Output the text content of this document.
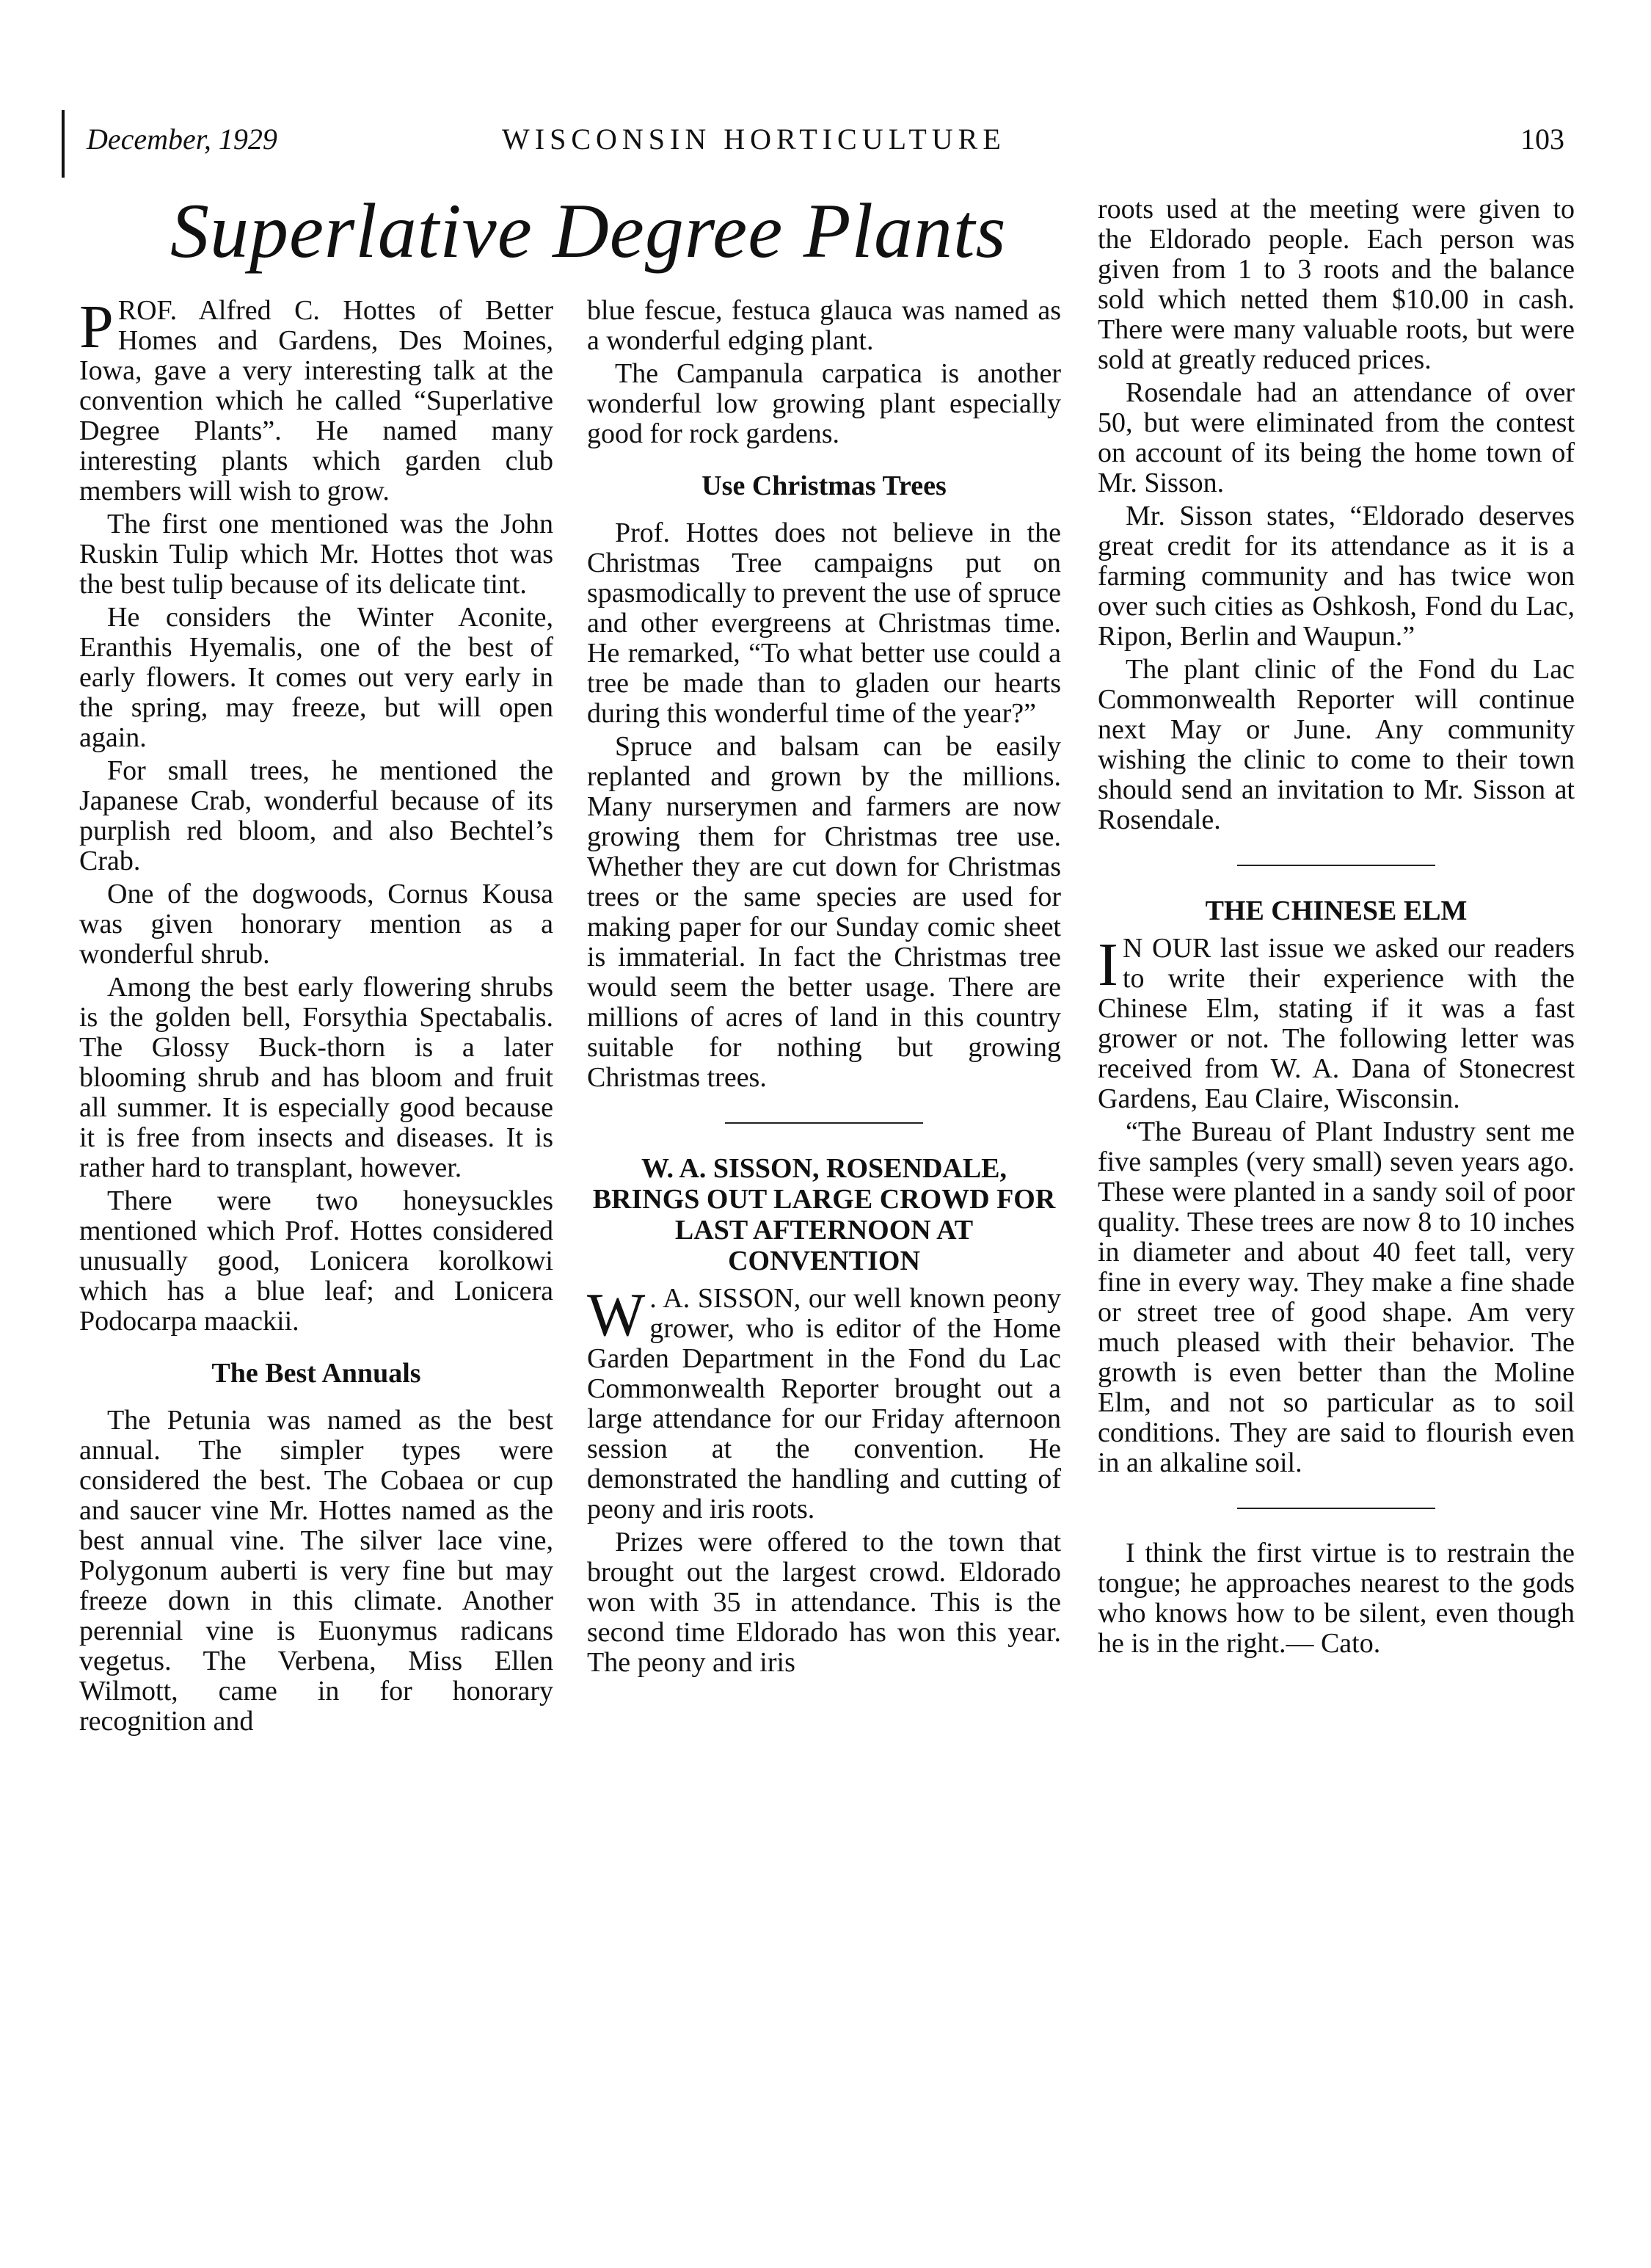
December, 1929	WISCONSIN HORTICULTURE	103
Superlative Degree Plants

PROF. Alfred C. Hottes of Better Homes and Gardens, Des Moines, Iowa, gave a very interesting talk at the convention which he called “Superlative Degree Plants”. He named many interesting plants which garden club members will wish to grow.

The first one mentioned was the John Ruskin Tulip which Mr. Hottes thot was the best tulip because of its delicate tint.

He considers the Winter Aconite, Eranthis Hyemalis, one of the best of early flowers. It comes out very early in the spring, may freeze, but will open again.

For small trees, he mentioned the Japanese Crab, wonderful because of its purplish red bloom, and also Bechtel’s Crab.

One of the dogwoods, Cornus Kousa was given honorary mention as a wonderful shrub.

Among the best early flowering shrubs is the golden bell, Forsythia Spectabalis. The Glossy Buck-thorn is a later blooming shrub and has bloom and fruit all summer. It is especially good because it is free from insects and diseases. It is rather hard to transplant, however.

There were two honeysuckles mentioned which Prof. Hottes considered unusually good, Lonicera korolkowi which has a blue leaf; and Lonicera Podocarpa maackii.

The Best Annuals

The Petunia was named as the best annual. The simpler types were considered the best. The Cobaea or cup and saucer vine Mr. Hottes named as the best annual vine. The silver lace vine, Polygonum auberti is very fine but may freeze down in this climate. Another perennial vine is Euonymus radicans vegetus. The Verbena, Miss Ellen Wilmott, came in for honorary recognition and

blue fescue, festuca glauca was named as a wonderful edging plant.

The Campanula carpatica is another wonderful low growing plant especially good for rock gardens.

Use Christmas Trees

Prof. Hottes does not believe in the Christmas Tree campaigns put on spasmodically to prevent the use of spruce and other evergreens at Christmas time. He remarked, “To what better use could a tree be made than to gladen our hearts during this wonderful time of the year?”

Spruce and balsam can be easily replanted and grown by the millions. Many nurserymen and farmers are now growing them for Christmas tree use. Whether they are cut down for Christmas trees or the same species are used for making paper for our Sunday comic sheet is immaterial. In fact the Christmas tree would seem the better usage. There are millions of acres of land in this country suitable for nothing but growing Christmas trees.

W. A. SISSON, ROSENDALE, BRINGS OUT LARGE CROWD FOR LAST AFTERNOON AT CONVENTION

W . A. SISSON, our well known peony grower, who is editor of the Home Garden Department in the Fond du Lac Commonwealth Reporter brought out a large attendance for our Friday afternoon session at the convention. He demonstrated the handling and cutting of peony and iris roots.

Prizes were offered to the town that brought out the largest crowd. Eldorado won with 35 in attendance. This is the second time Eldorado has won this year. The peony and iris

roots used at the meeting were given to the Eldorado people. Each person was given from 1 to 3 roots and the balance sold which netted them $10.00 in cash. There were many valuable roots, but were sold at greatly reduced prices.

Rosendale had an attendance of over 50, but were eliminated from the contest on account of its being the home town of Mr. Sisson.

Mr. Sisson states, “Eldorado deserves great credit for its attendance as it is a farming community and has twice won over such cities as Oshkosh, Fond du Lac, Ripon, Berlin and Waupun.”

The plant clinic of the Fond du Lac Commonwealth Reporter will continue next May or June. Any community wishing the clinic to come to their town should send an invitation to Mr. Sisson at Rosendale.

THE CHINESE ELM

I N OUR last issue we asked our readers to write their experience with the Chinese Elm, stating if it was a fast grower or not. The following letter was received from W. A. Dana of Stonecrest Gardens, Eau Claire, Wisconsin.

“The Bureau of Plant Industry sent me five samples (very small) seven years ago. These were planted in a sandy soil of poor quality. These trees are now 8 to 10 inches in diameter and about 40 feet tall, very fine in every way. They make a fine shade or street tree of good shape. Am very much pleased with their behavior. The growth is even better than the Moline Elm, and not so particular as to soil conditions. They are said to flourish even in an alkaline soil.

I think the first virtue is to restrain the tongue; he approaches nearest to the gods who knows how to be silent, even though he is in the right.— Cato.
